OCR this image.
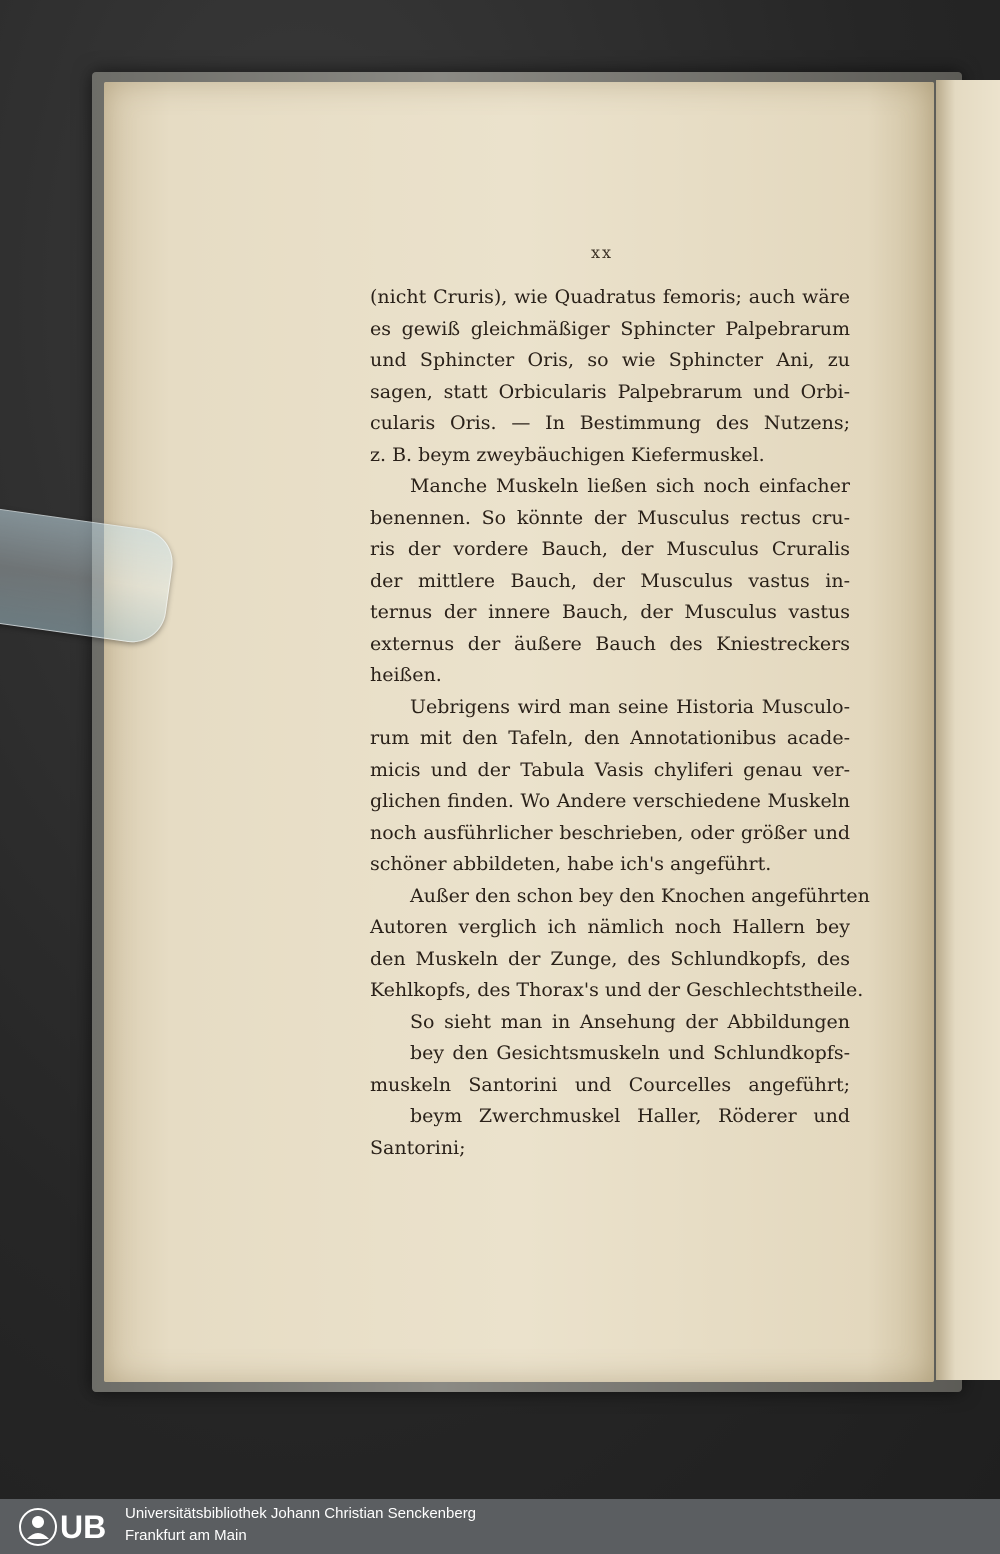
xx
(nicht Cruris), wie Quadratus femoris; auch wäre
es gewiß gleichmäßiger Sphincter Palpebrarum
und Sphincter Oris, so wie Sphincter Ani, zu
sagen, statt Orbicularis Palpebrarum und Orbi-
cularis Oris. — In Bestimmung des Nutzens;
z. B. beym zweybäuchigen Kiefermuskel.
Manche Muskeln ließen sich noch einfacher
benennen. So könnte der Musculus rectus cru-
ris der vordere Bauch, der Musculus Cruralis
der mittlere Bauch, der Musculus vastus in-
ternus der innere Bauch, der Musculus vastus
externus der äußere Bauch des Kniestreckers
heißen.
Uebrigens wird man seine Historia Musculo-
rum mit den Tafeln, den Annotationibus acade-
micis und der Tabula Vasis chyliferi genau ver-
glichen finden. Wo Andere verschiedene Muskeln
noch ausführlicher beschrieben, oder größer und
schöner abbildeten, habe ich's angeführt.
Außer den schon bey den Knochen angeführten
Autoren verglich ich nämlich noch Hallern bey
den Muskeln der Zunge, des Schlundkopfs, des
Kehlkopfs, des Thorax's und der Geschlechtstheile.
So sieht man in Ansehung der Abbildungen
bey den Gesichtsmuskeln und Schlundkopfs-
muskeln Santorini und Courcelles angeführt;
beym Zwerchmuskel Haller, Röderer und
Santorini;
UB Universitätsbibliothek Johann Christian Senckenberg
Frankfurt am Main
